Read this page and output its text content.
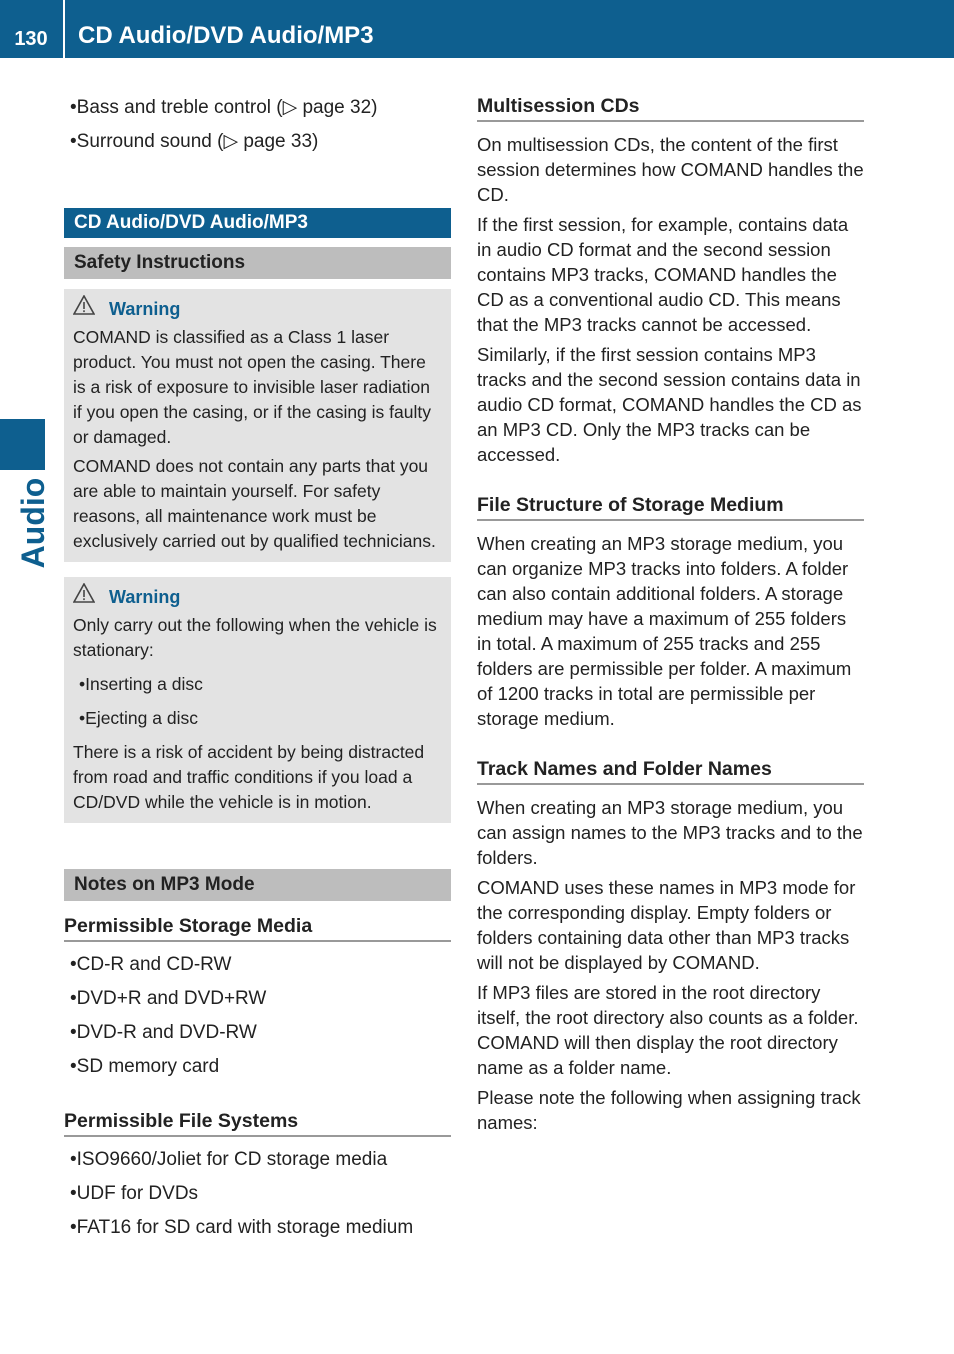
130	CD Audio/DVD Audio/MP3
Audio
• Bass and treble control (▷ page 32)
• Surround sound (▷ page 33)
CD Audio/DVD Audio/MP3
Safety Instructions
Warning

COMAND is classified as a Class 1 laser product. You must not open the casing. There is a risk of exposure to invisible laser radiation if you open the casing, or if the casing is faulty or damaged.

COMAND does not contain any parts that you are able to maintain yourself. For safety reasons, all maintenance work must be exclusively carried out by qualified technicians.

Warning

Only carry out the following when the vehicle is stationary:

• Inserting a disc
• Ejecting a disc

There is a risk of accident by being distracted from road and traffic conditions if you load a CD/DVD while the vehicle is in motion.

Notes on MP3 Mode
Permissible Storage Media
• CD-R and CD-RW
• DVD+R and DVD+RW
• DVD-R and DVD-RW
• SD memory card
Permissible File Systems
• ISO9660/Joliet for CD storage media
• UDF for DVDs
• FAT16 for SD card with storage medium
Multisession CDs

On multisession CDs, the content of the first session determines how COMAND handles the CD.

If the first session, for example, contains data in audio CD format and the second session contains MP3 tracks, COMAND handles the CD as a conventional audio CD. This means that the MP3 tracks cannot be accessed.

Similarly, if the first session contains MP3 tracks and the second session contains data in audio CD format, COMAND handles the CD as an MP3 CD. Only the MP3 tracks can be accessed.

File Structure of Storage Medium

When creating an MP3 storage medium, you can organize MP3 tracks into folders. A folder can also contain additional folders. A storage medium may have a maximum of 255 folders in total. A maximum of 255 tracks and 255 folders are permissible per folder. A maximum of 1200 tracks in total are permissible per storage medium.

Track Names and Folder Names

When creating an MP3 storage medium, you can assign names to the MP3 tracks and to the folders.

COMAND uses these names in MP3 mode for the corresponding display. Empty folders or folders containing data other than MP3 tracks will not be displayed by COMAND.

If MP3 files are stored in the root directory itself, the root directory also counts as a folder. COMAND will then display the root directory name as a folder name.

Please note the following when assigning track names:
